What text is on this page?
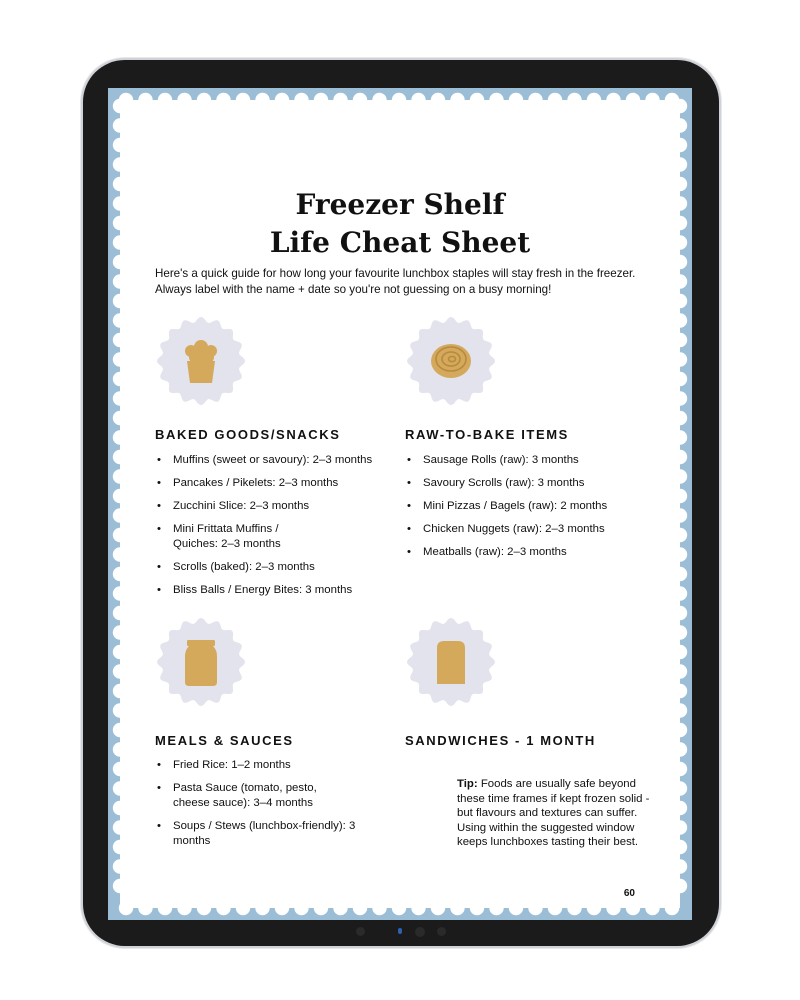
Freezer Shelf
Life Cheat Sheet

Here's a quick guide for how long your favourite lunchbox staples will stay fresh in the freezer. Always label with the name + date so you're not guessing on a busy morning!

BAKED GOODS/SNACKS
• Muffins (sweet or savoury): 2–3 months
• Pancakes / Pikelets: 2–3 months
• Zucchini Slice: 2–3 months
• Mini Frittata Muffins / Quiches: 2–3 months
• Scrolls (baked): 2–3 months
• Bliss Balls / Energy Bites: 3 months
RAW-TO-BAKE ITEMS
• Sausage Rolls (raw): 3 months
• Savoury Scrolls (raw): 3 months
• Mini Pizzas / Bagels (raw): 2 months
• Chicken Nuggets (raw): 2–3 months
• Meatballs (raw): 2–3 months
MEALS & SAUCES
• Fried Rice: 1–2 months
• Pasta Sauce (tomato, pesto, cheese sauce): 3–4 months
• Soups / Stews (lunchbox-friendly): 3 months
SANDWICHES - 1 MONTH

Tip: Foods are usually safe beyond these time frames if kept frozen solid - but flavours and textures can suffer. Using within the suggested window keeps lunchboxes tasting their best.

60
